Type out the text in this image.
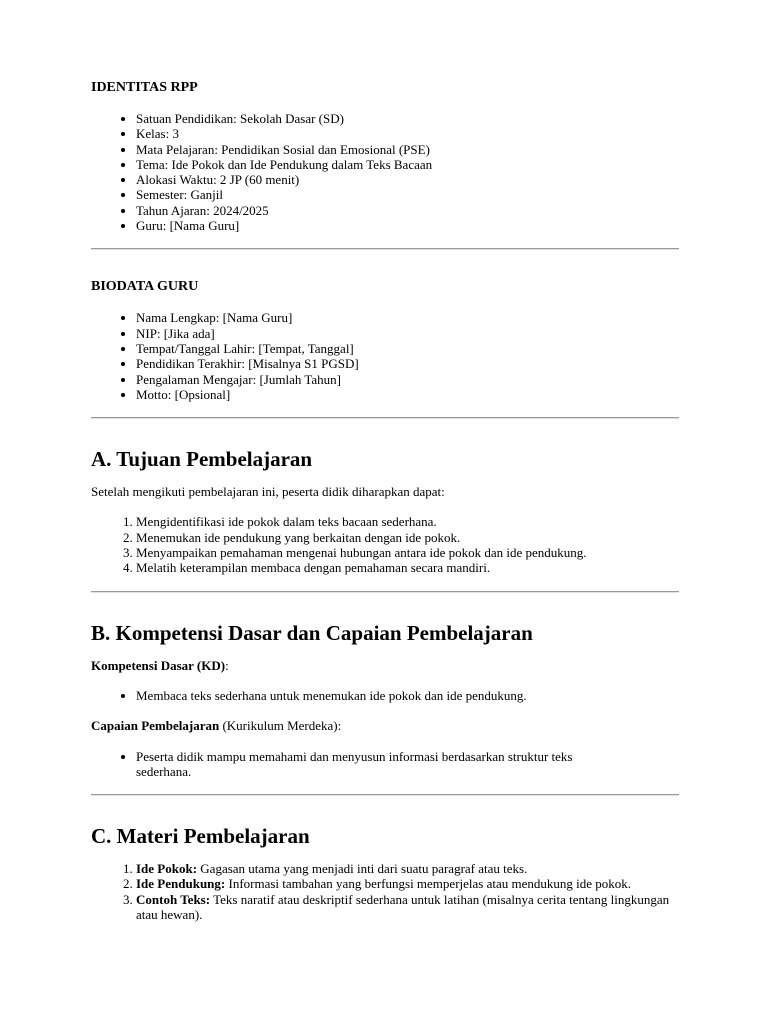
IDENTITAS RPP
• Satuan Pendidikan: Sekolah Dasar (SD)
• Kelas: 3
• Mata Pelajaran: Pendidikan Sosial dan Emosional (PSE)
• Tema: Ide Pokok dan Ide Pendukung dalam Teks Bacaan
• Alokasi Waktu: 2 JP (60 menit)
• Semester: Ganjil
• Tahun Ajaran: 2024/2025
• Guru: [Nama Guru]
BIODATA GURU
• Nama Lengkap: [Nama Guru]
• NIP: [Jika ada]
• Tempat/Tanggal Lahir: [Tempat, Tanggal]
• Pendidikan Terakhir: [Misalnya S1 PGSD]
• Pengalaman Mengajar: [Jumlah Tahun]
• Motto: [Opsional]
A. Tujuan Pembelajaran

Setelah mengikuti pembelajaran ini, peserta didik diharapkan dapat:

1. Mengidentifikasi ide pokok dalam teks bacaan sederhana.
2. Menemukan ide pendukung yang berkaitan dengan ide pokok.
3. Menyampaikan pemahaman mengenai hubungan antara ide pokok dan ide pendukung.
4. Melatih keterampilan membaca dengan pemahaman secara mandiri.
B. Kompetensi Dasar dan Capaian Pembelajaran

Kompetensi Dasar (KD):

• Membaca teks sederhana untuk menemukan ide pokok dan ide pendukung.

Capaian Pembelajaran (Kurikulum Merdeka):

• Peserta didik mampu memahami dan menyusun informasi berdasarkan struktur teks sederhana.
C. Materi Pembelajaran
1. Ide Pokok: Gagasan utama yang menjadi inti dari suatu paragraf atau teks.
2. Ide Pendukung: Informasi tambahan yang berfungsi memperjelas atau mendukung ide pokok.
3. Contoh Teks: Teks naratif atau deskriptif sederhana untuk latihan (misalnya cerita tentang lingkungan atau hewan).
